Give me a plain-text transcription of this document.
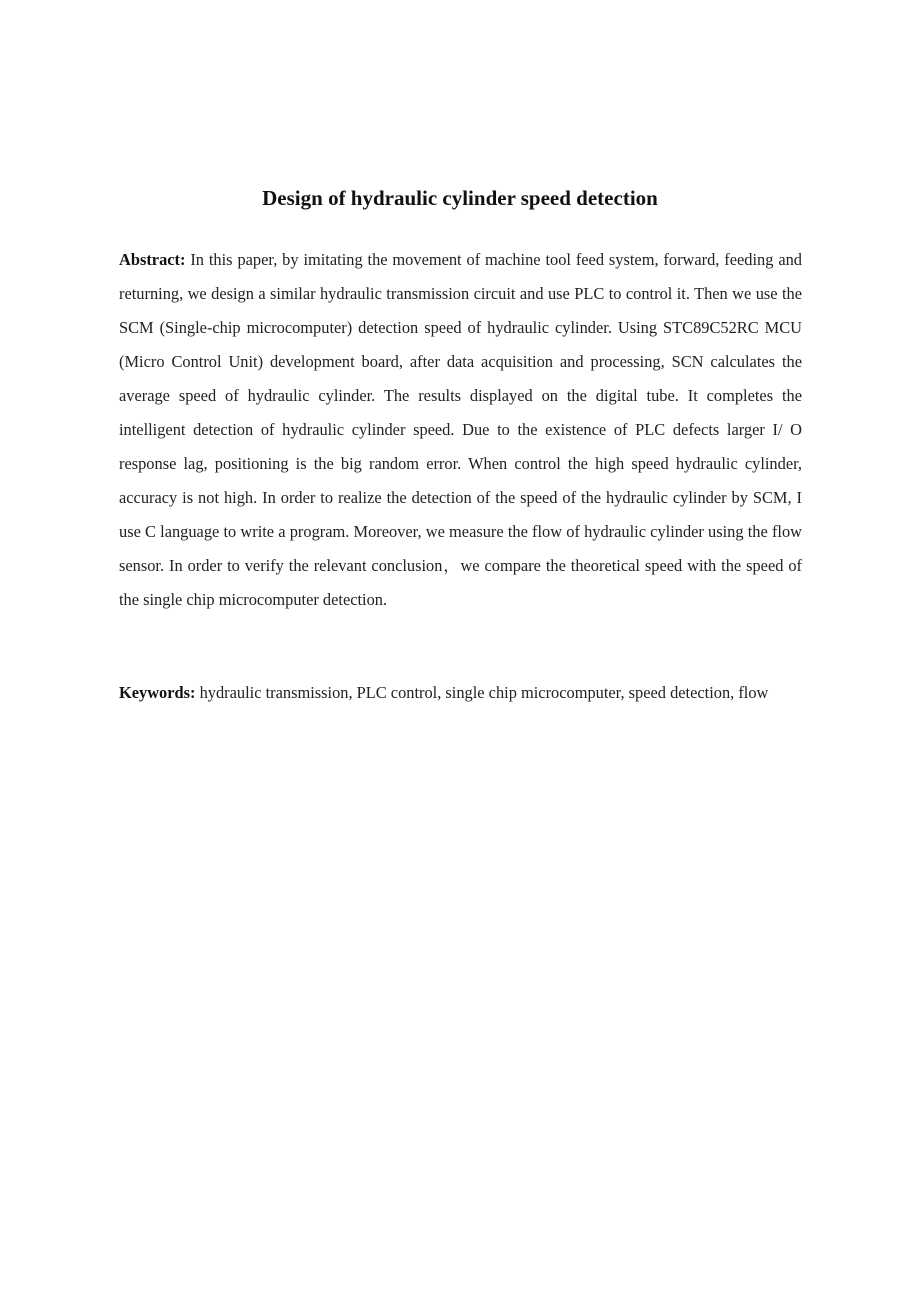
Design of hydraulic cylinder speed detection

Abstract: In this paper, by imitating the movement of machine tool feed system, forward, feeding and returning, we design a similar hydraulic transmission circuit and use PLC to control it. Then we use the SCM (Single-chip microcomputer) detection speed of hydraulic cylinder. Using STC89C52RC MCU (Micro Control Unit) development board, after data acquisition and processing, SCN calculates the average speed of hydraulic cylinder. The results displayed on the digital tube. It completes the intelligent detection of hydraulic cylinder speed. Due to the existence of PLC defects larger I/ O response lag, positioning is the big random error. When control the high speed hydraulic cylinder, accuracy is not high. In order to realize the detection of the speed of the hydraulic cylinder by SCM, I use C language to write a program. Moreover, we measure the flow of hydraulic cylinder using the flow sensor. In order to verify the relevant conclusion，we compare the theoretical speed with the speed of the single chip microcomputer detection.

Keywords: hydraulic transmission, PLC control, single chip microcomputer, speed detection, flow
